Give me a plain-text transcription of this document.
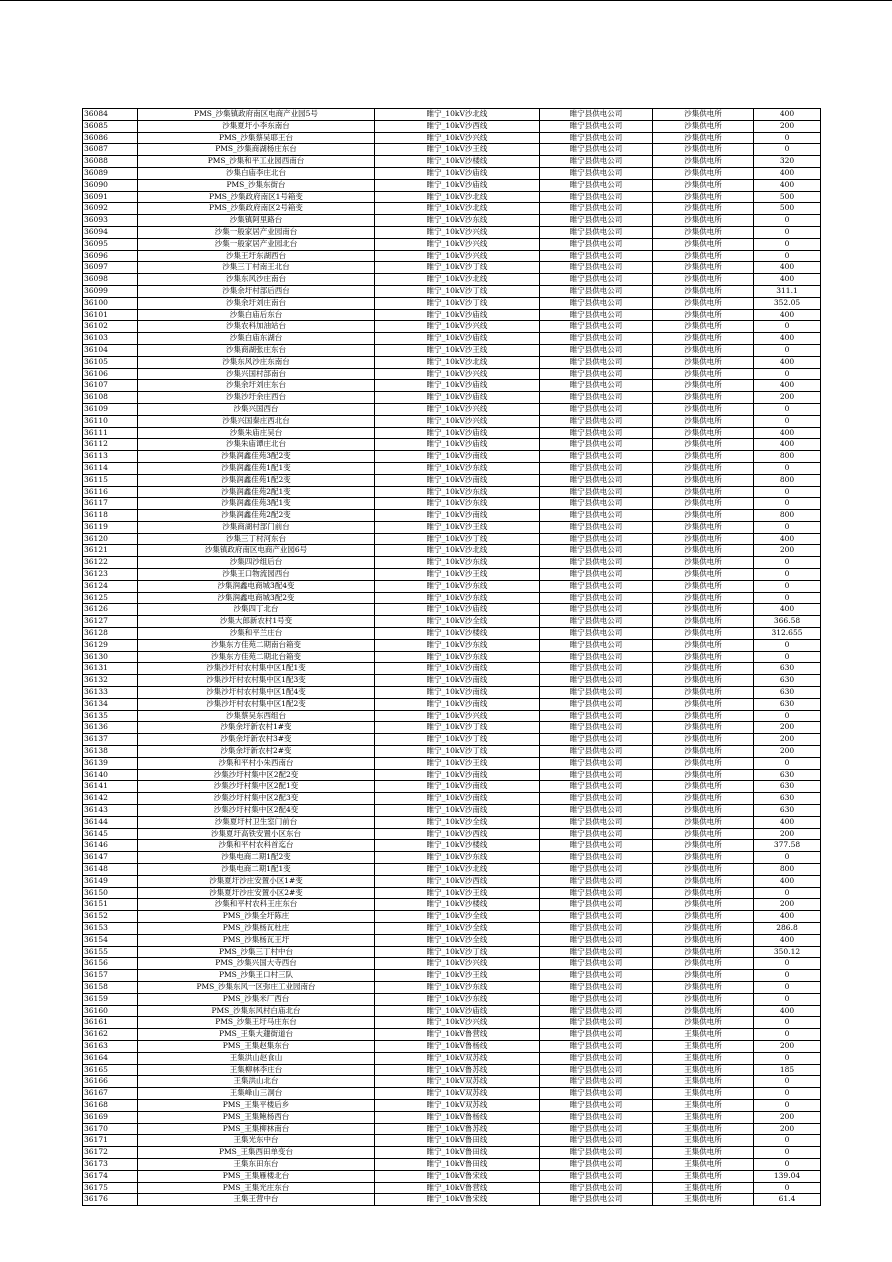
36084	PMS_沙集镇政府南区电商产业园5号	睢宁_10kV沙北线	睢宁县供电公司	沙集供电所	400
36085	沙集夏圩小李东南台	睢宁_10kV沙西线	睢宁县供电公司	沙集供电所	200
36086	PMS_沙集蔡吴耶王台	睢宁_10kV沙兴线	睢宁县供电公司	沙集供电所	0
36087	PMS_沙集商湖杨庄东台	睢宁_10kV沙王线	睢宁县供电公司	沙集供电所	0
36088	PMS_沙集和平工业园西南台	睢宁_10kV沙楼线	睢宁县供电公司	沙集供电所	320
36089	沙集白庙李庄北台	睢宁_10kV沙庙线	睢宁县供电公司	沙集供电所	400
36090	PMS_沙集东街台	睢宁_10kV沙庙线	睢宁县供电公司	沙集供电所	400
36091	PMS_沙集政府南区1号箱变	睢宁_10kV沙北线	睢宁县供电公司	沙集供电所	500
36092	PMS_沙集政府南区2号箱变	睢宁_10kV沙北线	睢宁县供电公司	沙集供电所	500
36093	沙集镇阿里路台	睢宁_10kV沙东线	睢宁县供电公司	沙集供电所	0
36094	沙集一般家居产业园南台	睢宁_10kV沙兴线	睢宁县供电公司	沙集供电所	0
36095	沙集一般家居产业园北台	睢宁_10kV沙兴线	睢宁县供电公司	沙集供电所	0
36096	沙集王圩东湖西台	睢宁_10kV沙兴线	睢宁县供电公司	沙集供电所	0
36097	沙集三丁村南王北台	睢宁_10kV沙丁线	睢宁县供电公司	沙集供电所	400
36098	沙集东风沙庄南台	睢宁_10kV沙北线	睢宁县供电公司	沙集供电所	400
36099	沙集余圩村部后西台	睢宁_10kV沙丁线	睢宁县供电公司	沙集供电所	311.1
36100	沙集余圩刘庄南台	睢宁_10kV沙丁线	睢宁县供电公司	沙集供电所	352.05
36101	沙集白庙后东台	睢宁_10kV沙庙线	睢宁县供电公司	沙集供电所	400
36102	沙集农科加油站台	睢宁_10kV沙兴线	睢宁县供电公司	沙集供电所	0
36103	沙集白庙东湖台	睢宁_10kV沙庙线	睢宁县供电公司	沙集供电所	400
36104	沙集商湖张庄东台	睢宁_10kV沙王线	睢宁县供电公司	沙集供电所	0
36105	沙集东风沙庄东南台	睢宁_10kV沙北线	睢宁县供电公司	沙集供电所	400
36106	沙集兴国村部南台	睢宁_10kV沙兴线	睢宁县供电公司	沙集供电所	0
36107	沙集余圩刘庄东台	睢宁_10kV沙庙线	睢宁县供电公司	沙集供电所	400
36108	沙集沙圩余庄西台	睢宁_10kV沙庙线	睢宁县供电公司	沙集供电所	200
36109	沙集兴国西台	睢宁_10kV沙兴线	睢宁县供电公司	沙集供电所	0
36110	沙集兴国秦庄西北台	睢宁_10kV沙兴线	睢宁县供电公司	沙集供电所	0
36111	沙集朱庙庄吴台	睢宁_10kV沙庙线	睢宁县供电公司	沙集供电所	400
36112	沙集朱庙谭庄北台	睢宁_10kV沙庙线	睢宁县供电公司	沙集供电所	400
36113	沙集润鑫佳苑3配2变	睢宁_10kV沙南线	睢宁县供电公司	沙集供电所	800
36114	沙集润鑫佳苑1配1变	睢宁_10kV沙东线	睢宁县供电公司	沙集供电所	0
36115	沙集润鑫佳苑1配2变	睢宁_10kV沙南线	睢宁县供电公司	沙集供电所	800
36116	沙集润鑫佳苑2配1变	睢宁_10kV沙东线	睢宁县供电公司	沙集供电所	0
36117	沙集润鑫佳苑3配1变	睢宁_10kV沙东线	睢宁县供电公司	沙集供电所	0
36118	沙集润鑫佳苑2配2变	睢宁_10kV沙南线	睢宁县供电公司	沙集供电所	800
36119	沙集商湖村部门前台	睢宁_10kV沙王线	睢宁县供电公司	沙集供电所	0
36120	沙集三丁村河东台	睢宁_10kV沙丁线	睢宁县供电公司	沙集供电所	400
36121	沙集镇政府南区电商产业园6号	睢宁_10kV沙北线	睢宁县供电公司	沙集供电所	200
36122	沙集四沙组后台	睢宁_10kV沙东线	睢宁县供电公司	沙集供电所	0
36123	沙集王口物流园西台	睢宁_10kV沙王线	睢宁县供电公司	沙集供电所	0
36124	沙集润鑫电商城3配4变	睢宁_10kV沙东线	睢宁县供电公司	沙集供电所	0
36125	沙集润鑫电商城3配2变	睢宁_10kV沙东线	睢宁县供电公司	沙集供电所	0
36126	沙集四丁北台	睢宁_10kV沙庙线	睢宁县供电公司	沙集供电所	400
36127	沙集大郎新农村1号变	睢宁_10kV沙全线	睢宁县供电公司	沙集供电所	366.58
36128	沙集和平兰庄台	睢宁_10kV沙楼线	睢宁县供电公司	沙集供电所	312.655
36129	沙集东方佳苑二期南台箱变	睢宁_10kV沙东线	睢宁县供电公司	沙集供电所	0
36130	沙集东方佳苑二期北台箱变	睢宁_10kV沙东线	睢宁县供电公司	沙集供电所	0
36131	沙集沙圩村农村集中区1配1变	睢宁_10kV沙南线	睢宁县供电公司	沙集供电所	630
36132	沙集沙圩村农村集中区1配3变	睢宁_10kV沙南线	睢宁县供电公司	沙集供电所	630
36133	沙集沙圩村农村集中区1配4变	睢宁_10kV沙南线	睢宁县供电公司	沙集供电所	630
36134	沙集沙圩村农村集中区1配2变	睢宁_10kV沙南线	睢宁县供电公司	沙集供电所	630
36135	沙集蔡吴东西组台	睢宁_10kV沙兴线	睢宁县供电公司	沙集供电所	0
36136	沙集余圩新农村1#变	睢宁_10kV沙丁线	睢宁县供电公司	沙集供电所	200
36137	沙集余圩新农村3#变	睢宁_10kV沙丁线	睢宁县供电公司	沙集供电所	200
36138	沙集余圩新农村2#变	睢宁_10kV沙丁线	睢宁县供电公司	沙集供电所	200
36139	沙集和平村小朱西南台	睢宁_10kV沙王线	睢宁县供电公司	沙集供电所	0
36140	沙集沙圩村集中区2配2变	睢宁_10kV沙南线	睢宁县供电公司	沙集供电所	630
36141	沙集沙圩村集中区2配1变	睢宁_10kV沙南线	睢宁县供电公司	沙集供电所	630
36142	沙集沙圩村集中区2配3变	睢宁_10kV沙南线	睢宁县供电公司	沙集供电所	630
36143	沙集沙圩村集中区2配4变	睢宁_10kV沙南线	睢宁县供电公司	沙集供电所	630
36144	沙集夏圩村卫生室门前台	睢宁_10kV沙全线	睢宁县供电公司	沙集供电所	400
36145	沙集夏圩高铁安置小区东台	睢宁_10kV沙西线	睢宁县供电公司	沙集供电所	200
36146	沙集和平村农科首迄台	睢宁_10kV沙楼线	睢宁县供电公司	沙集供电所	377.58
36147	沙集电商二期1配2变	睢宁_10kV沙东线	睢宁县供电公司	沙集供电所	0
36148	沙集电商二期1配1变	睢宁_10kV沙北线	睢宁县供电公司	沙集供电所	800
36149	沙集夏圩沙庄安置小区1#变	睢宁_10kV沙西线	睢宁县供电公司	沙集供电所	400
36150	沙集夏圩沙庄安置小区2#变	睢宁_10kV沙王线	睢宁县供电公司	沙集供电所	0
36151	沙集和平村农科王庄东台	睢宁_10kV沙楼线	睢宁县供电公司	沙集供电所	200
36152	PMS_沙集全圩陈庄	睢宁_10kV沙全线	睢宁县供电公司	沙集供电所	400
36153	PMS_沙集杨瓦杜庄	睢宁_10kV沙全线	睢宁县供电公司	沙集供电所	286.8
36154	PMS_沙集杨瓦王圩	睢宁_10kV沙全线	睢宁县供电公司	沙集供电所	400
36155	PMS_沙集三丁村中台	睢宁_10kV沙丁线	睢宁县供电公司	沙集供电所	350.12
36156	PMS_沙集兴国大寺西台	睢宁_10kV沙兴线	睢宁县供电公司	沙集供电所	0
36157	PMS_沙集王口村三队	睢宁_10kV沙王线	睢宁县供电公司	沙集供电所	0
36158	PMS_沙集东风一区弥庄工业园南台	睢宁_10kV沙东线	睢宁县供电公司	沙集供电所	0
36159	PMS_沙集米厂西台	睢宁_10kV沙东线	睢宁县供电公司	沙集供电所	0
36160	PMS_沙集东风村白庙北台	睢宁_10kV沙庙线	睢宁县供电公司	沙集供电所	400
36161	PMS_沙集王圩马庄东台	睢宁_10kV沙兴线	睢宁县供电公司	沙集供电所	0
36162	PMS_王集大蘧街道台	睢宁_10kV鲁营线	睢宁县供电公司	王集供电所	0
36163	PMS_王集赵集东台	睢宁_10kV鲁杨线	睢宁县供电公司	王集供电所	200
36164	王集洪山赵食山	睢宁_10kV双苏线	睢宁县供电公司	王集供电所	0
36165	王集柳林李庄台	睢宁_10kV鲁苏线	睢宁县供电公司	王集供电所	185
36166	王集洪山北台	睢宁_10kV双苏线	睢宁县供电公司	王集供电所	0
36167	王集峰山三洞台	睢宁_10kV双苏线	睢宁县供电公司	王集供电所	0
36168	PMS_王集平楼后乡	睢宁_10kV双苏线	睢宁县供电公司	王集供电所	0
36169	PMS_王集鲍杨西台	睢宁_10kV鲁杨线	睢宁县供电公司	王集供电所	200
36170	PMS_王集柳林南台	睢宁_10kV鲁苏线	睢宁县供电公司	王集供电所	200
36171	王集光东中台	睢宁_10kV鲁田线	睢宁县供电公司	王集供电所	0
36172	PMS_王集西田单变台	睢宁_10kV鲁田线	睢宁县供电公司	王集供电所	0
36173	王集东田东台	睢宁_10kV鲁田线	睢宁县供电公司	王集供电所	0
36174	PMS_王集雁楼北台	睢宁_10kV鲁宋线	睢宁县供电公司	王集供电所	139.04
36175	PMS_王集光庄东台	睢宁_10kV鲁营线	睢宁县供电公司	王集供电所	0
36176	王集王营中台	睢宁_10kV鲁宋线	睢宁县供电公司	王集供电所	61.4
